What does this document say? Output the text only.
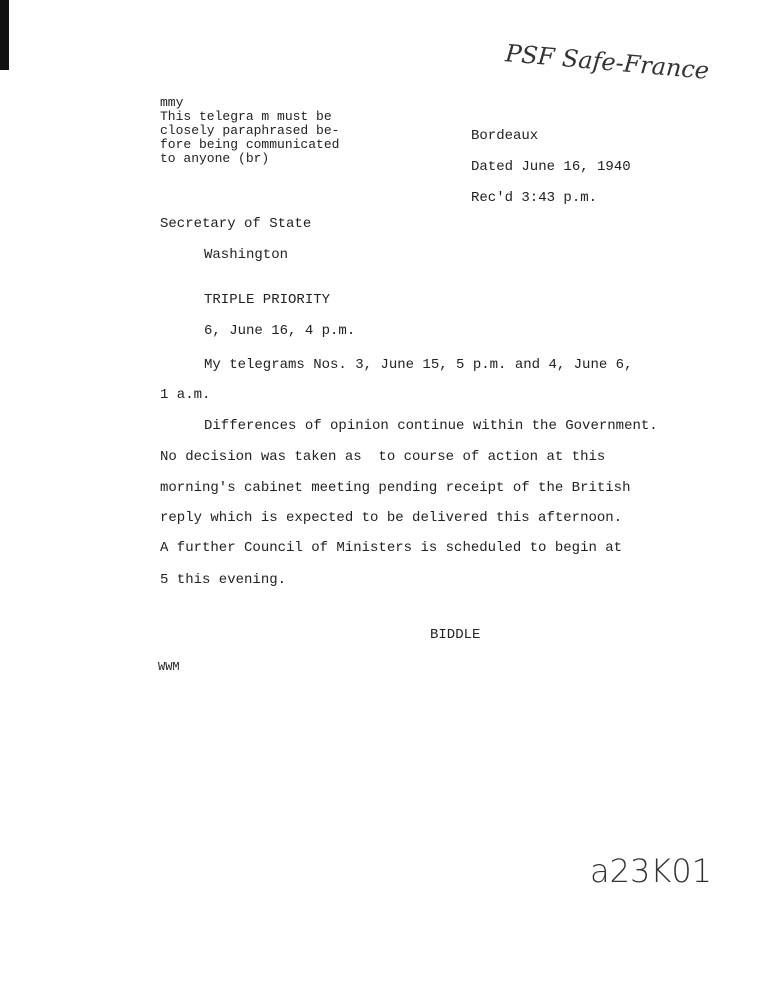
PSF Safe-France
mmy
This telegra m must be
closely paraphrased be-
fore being communicated
to anyone (br)
Bordeaux
Dated June 16, 1940
Rec'd 3:43 p.m.
Secretary of State
Washington
TRIPLE PRIORITY
6, June 16, 4 p.m.
My telegrams Nos. 3, June 15, 5 p.m. and 4, June 6,
1 a.m.
Differences of opinion continue within the Government.
No decision was taken as  to course of action at this
morning's cabinet meeting pending receipt of the British
reply which is expected to be delivered this afternoon.
A further Council of Ministers is scheduled to begin at
5 this evening.
BIDDLE
WWM
a23K01
